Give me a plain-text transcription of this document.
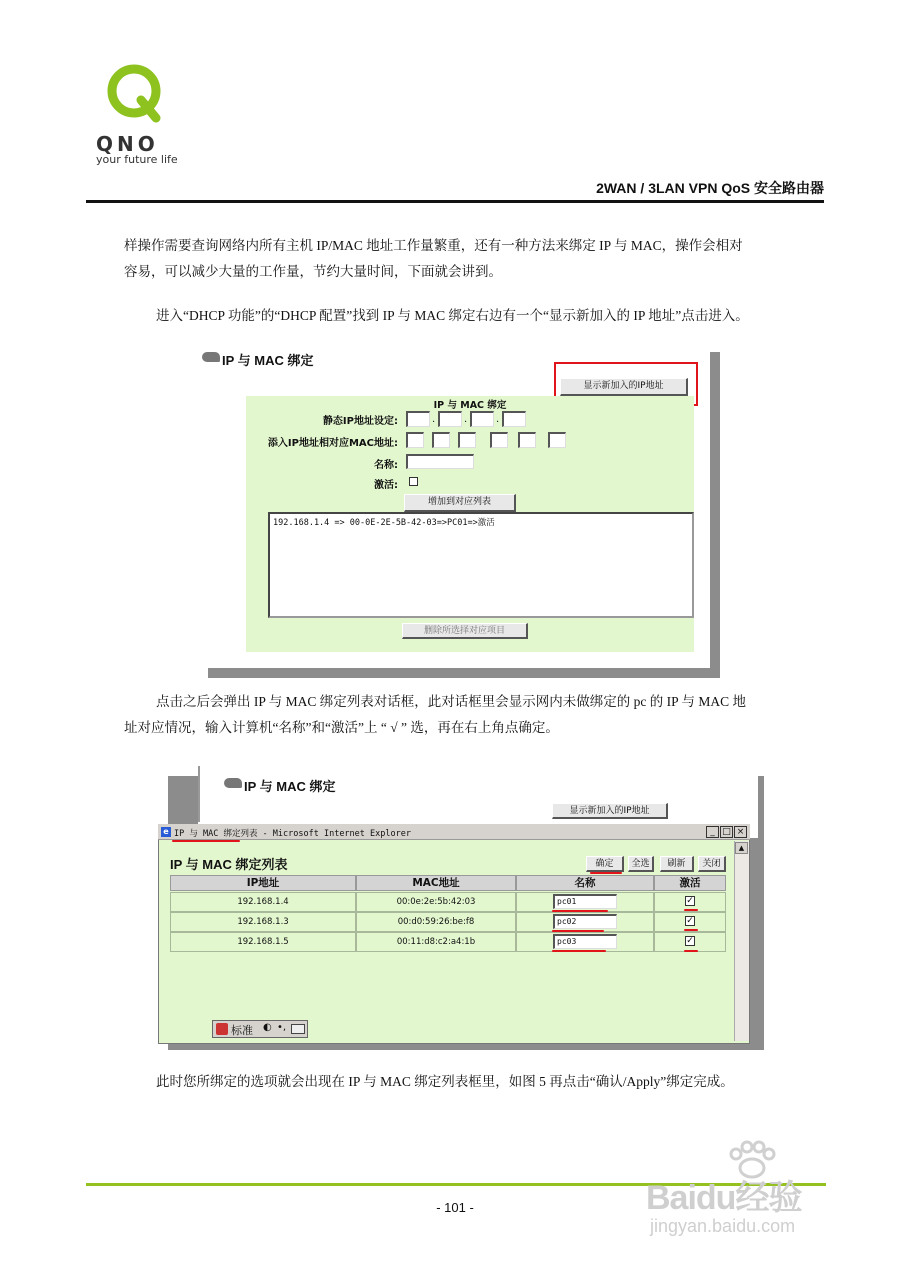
QNO
your future life
2WAN / 3LAN VPN QoS 安全路由器
样操作需要查询网络内所有主机 IP/MAC 地址工作量繁重，还有一种方法来绑定 IP 与 MAC，操作会相对
容易，可以减少大量的工作量，节约大量时间，下面就会讲到。
进入“DHCP 功能”的“DHCP 配置”找到 IP 与 MAC 绑定右边有一个“显示新加入的 IP 地址”点击进入。
IP 与 MAC 绑定
显示新加入的IP地址
IP 与 MAC 绑定
静态IP地址设定:	.	.	.
添入IP地址相对应MAC地址:
名称:
激活:
增加到对应列表
192.168.1.4 => 00-0E-2E-5B-42-03=>PC01=>激活
删除所选择对应项目
点击之后会弹出 IP 与 MAC 绑定列表对话框，此对话框里会显示网内未做绑定的 pc 的 IP 与 MAC 地
址对应情况，输入计算机“名称”和“激活”上 “ √ ” 选，再在右上角点确定。
IP 与 MAC 绑定
显示新加入的IP地址
e IP 与 MAC 绑定列表 - Microsoft Internet Explorer	_ □ ×
▲
IP 与 MAC 绑定列表	确定	全选	刷新	关闭
IP地址	MAC地址	名称	激活
192.168.1.4	00:0e:2e:5b:42:03	pc01	✓
192.168.1.3	00:d0:59:26:be:f8	pc02	✓
192.168.1.5	00:11:d8:c2:a4:1b	pc03	✓
标准 ◐ •,
此时您所绑定的选项就会出现在 IP 与 MAC 绑定列表框里，如图 5 再点击“确认/Apply”绑定完成。
- 101 -	Baidu经验
jingyan.baidu.com
